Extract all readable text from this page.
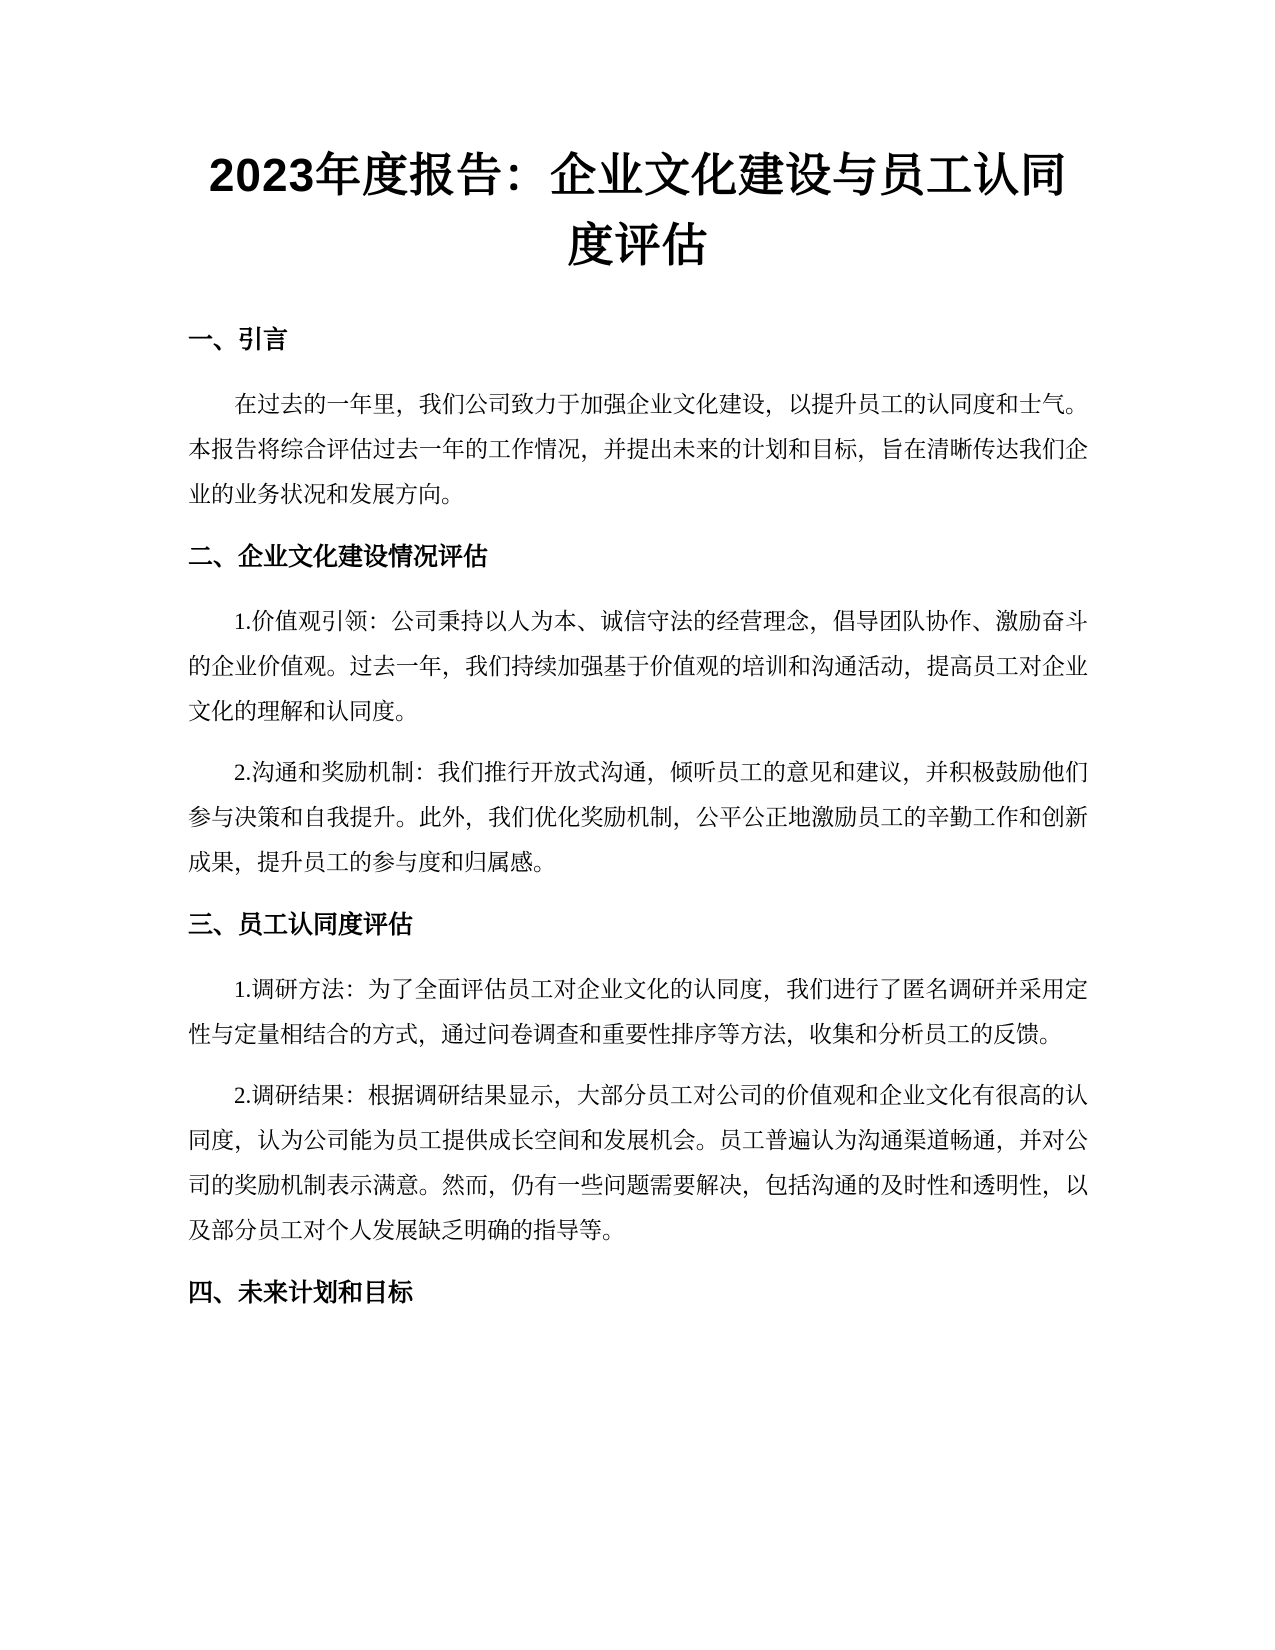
2023年度报告：企业文化建设与员工认同度评估
一、引言

在过去的一年里，我们公司致力于加强企业文化建设，以提升员工的认同度和士气。本报告将综合评估过去一年的工作情况，并提出未来的计划和目标，旨在清晰传达我们企业的业务状况和发展方向。

二、企业文化建设情况评估

1.价值观引领：公司秉持以人为本、诚信守法的经营理念，倡导团队协作、激励奋斗的企业价值观。过去一年，我们持续加强基于价值观的培训和沟通活动，提高员工对企业文化的理解和认同度。

2.沟通和奖励机制：我们推行开放式沟通，倾听员工的意见和建议，并积极鼓励他们参与决策和自我提升。此外，我们优化奖励机制，公平公正地激励员工的辛勤工作和创新成果，提升员工的参与度和归属感。

三、员工认同度评估

1.调研方法：为了全面评估员工对企业文化的认同度，我们进行了匿名调研并采用定性与定量相结合的方式，通过问卷调查和重要性排序等方法，收集和分析员工的反馈。

2.调研结果：根据调研结果显示，大部分员工对公司的价值观和企业文化有很高的认同度，认为公司能为员工提供成长空间和发展机会。员工普遍认为沟通渠道畅通，并对公司的奖励机制表示满意。然而，仍有一些问题需要解决，包括沟通的及时性和透明性，以及部分员工对个人发展缺乏明确的指导等。

四、未来计划和目标
